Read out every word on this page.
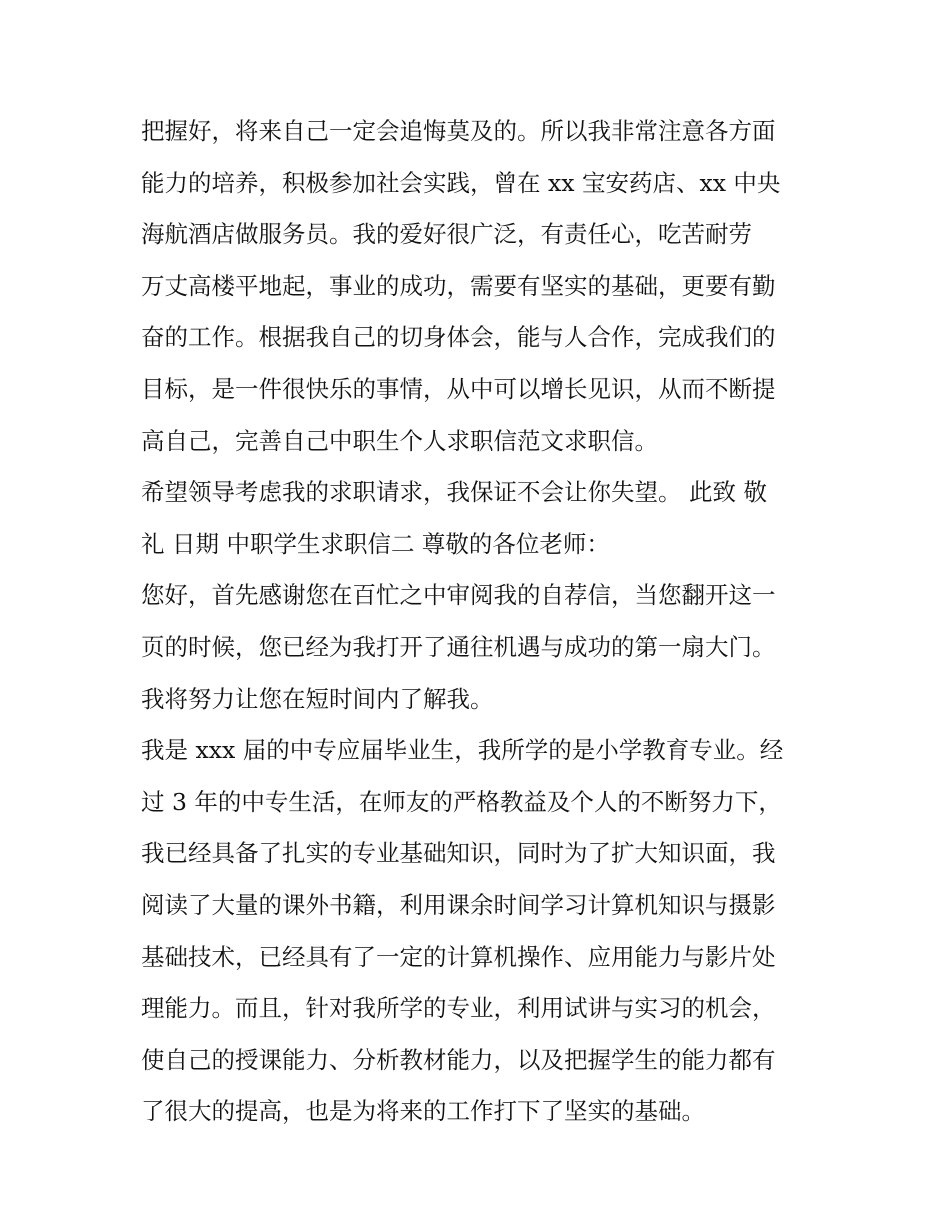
把握好，将来自己一定会追悔莫及的。所以我非常注意各方面
能力的培养，积极参加社会实践，曾在 xx 宝安药店、xx 中央
海航酒店做服务员。我的爱好很广泛，有责任心，吃苦耐劳
万丈高楼平地起，事业的成功，需要有坚实的基础，更要有勤
奋的工作。根据我自己的切身体会，能与人合作，完成我们的
目标，是一件很快乐的事情，从中可以增长见识，从而不断提
高自己，完善自己中职生个人求职信范文求职信。
希望领导考虑我的求职请求，我保证不会让你失望。 此致 敬
礼 日期 中职学生求职信二 尊敬的各位老师：
您好，首先感谢您在百忙之中审阅我的自荐信，当您翻开这一
页的时候，您已经为我打开了通往机遇与成功的第一扇大门。
我将努力让您在短时间内了解我。
我是 xxx 届的中专应届毕业生，我所学的是小学教育专业。经
过 3 年的中专生活，在师友的严格教益及个人的不断努力下，
我已经具备了扎实的专业基础知识，同时为了扩大知识面，我
阅读了大量的课外书籍，利用课余时间学习计算机知识与摄影
基础技术，已经具有了一定的计算机操作、应用能力与影片处
理能力。而且，针对我所学的专业，利用试讲与实习的机会，
使自己的授课能力、分析教材能力，以及把握学生的能力都有
了很大的提高，也是为将来的工作打下了坚实的基础。
